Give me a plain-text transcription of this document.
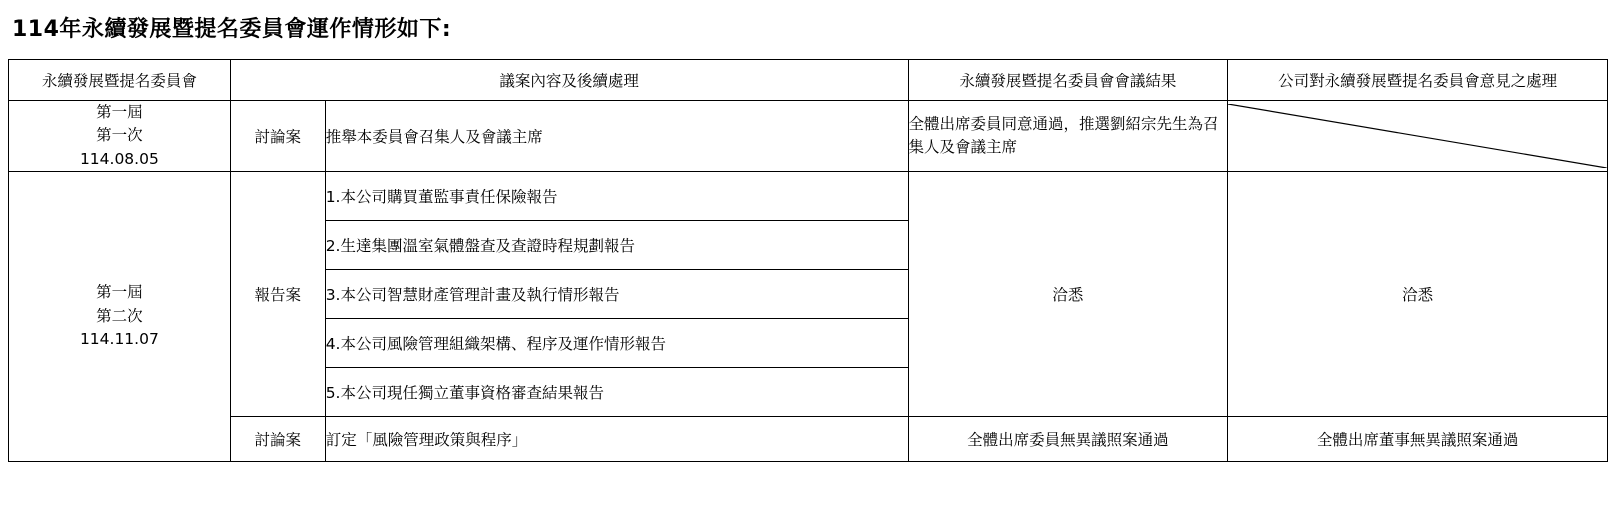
114年永續發展暨提名委員會運作情形如下:
永續發展暨提名委員會	議案內容及後續處理		永續發展暨提名委員會會議結果	公司對永續發展暨提名委員會意見之處理

第一屆
第一次
114.08.05	討論案	推舉本委員會召集人及會議主席	全體出席委員同意通過，推選劉紹宗先生為召集人及會議主席	

第一屆
第二次
114.11.07	報告案	1.本公司購買董監事責任保險報告	洽悉	洽悉
		2.生達集團溫室氣體盤查及查證時程規劃報告		
		3.本公司智慧財產管理計畫及執行情形報告		
		4.本公司風險管理組織架構、程序及運作情形報告		
		5.本公司現任獨立董事資格審查結果報告		
	討論案	訂定「風險管理政策與程序」	全體出席委員無異議照案通過	全體出席董事無異議照案通過
